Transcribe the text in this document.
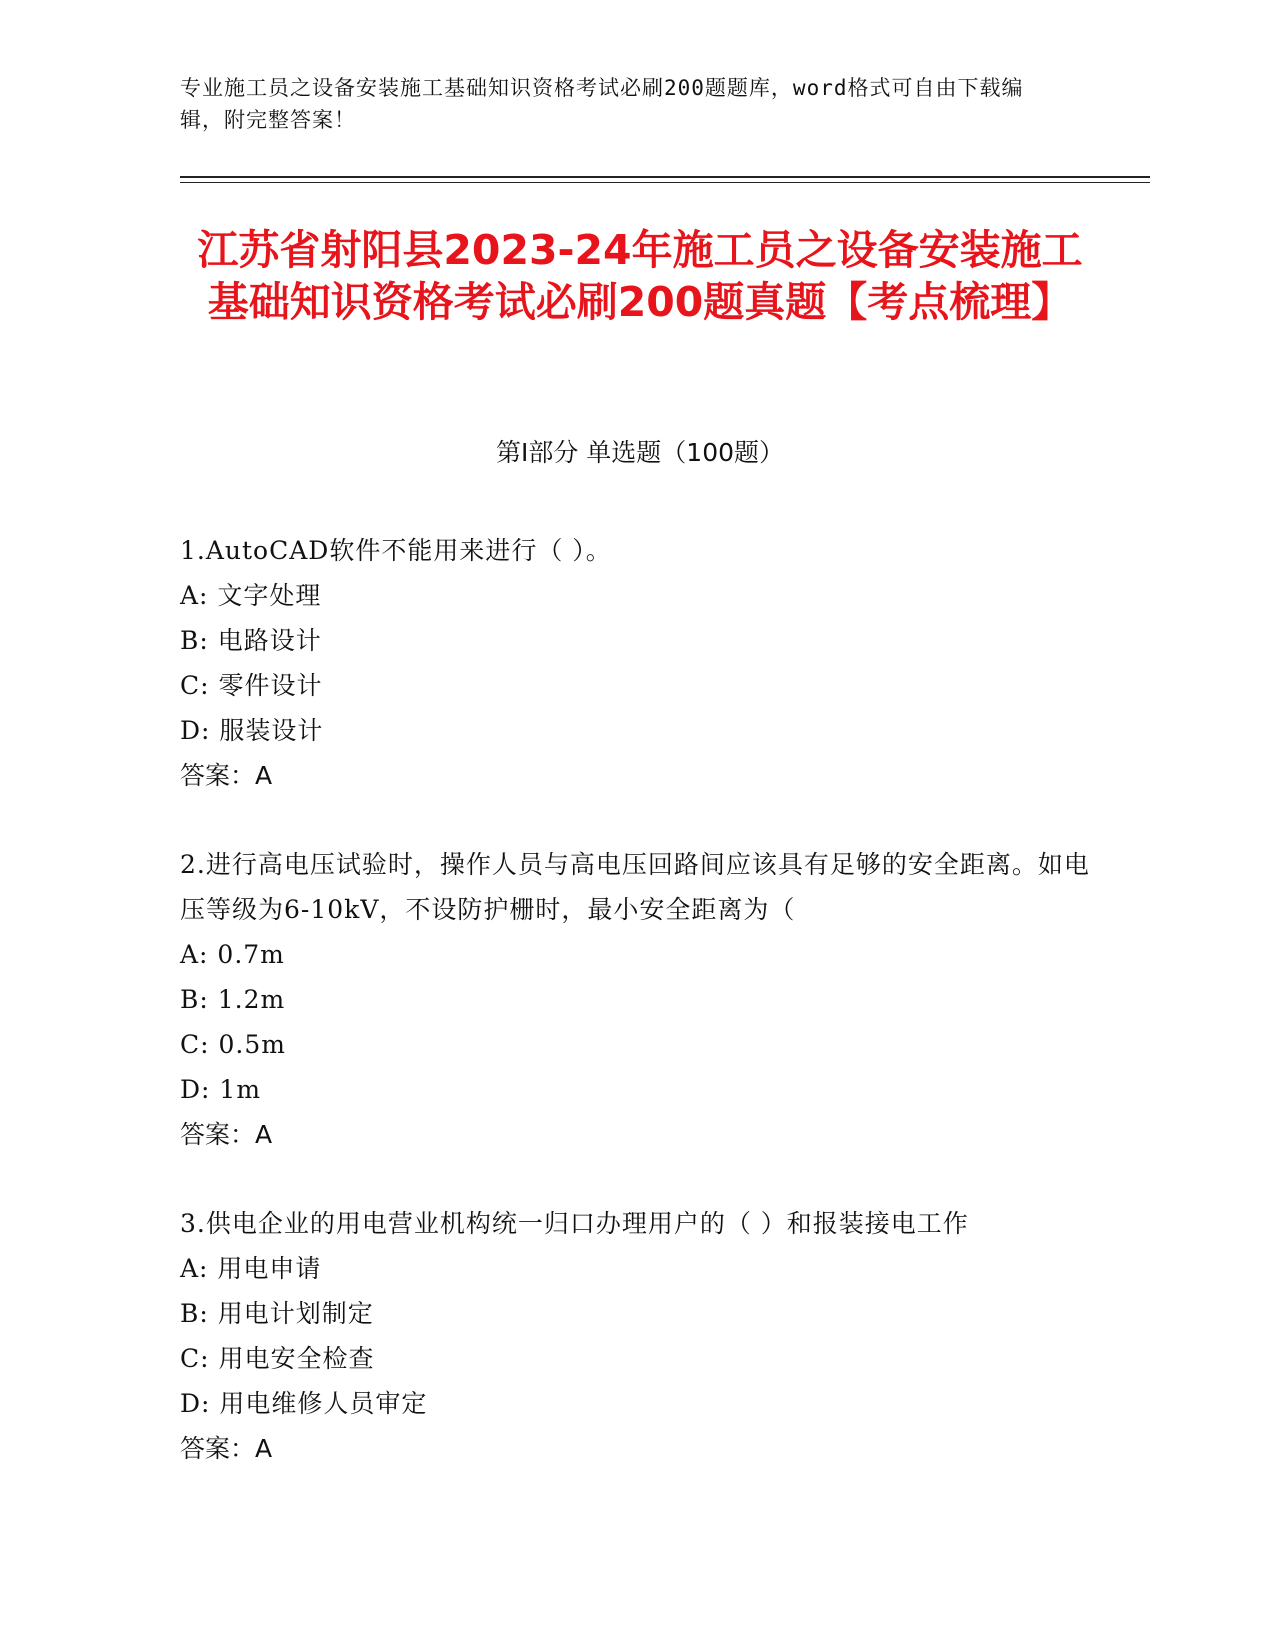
专业施工员之设备安装施工基础知识资格考试必刷200题题库，word格式可自由下载编辑，附完整答案！
江苏省射阳县2023-24年施工员之设备安装施工基础知识资格考试必刷200题真题【考点梳理】
第Ⅰ部分 单选题（100题）

1.AutoCAD软件不能用来进行（ ）。

A: 文字处理

B: 电路设计

C: 零件设计

D: 服装设计

答案：A

2.进行高电压试验时，操作人员与高电压回路间应该具有足够的安全距离。如电压等级为6-10kV，不设防护栅时，最小安全距离为（

A: 0.7m

B: 1.2m

C: 0.5m

D: 1m

答案：A

3.供电企业的用电营业机构统一归口办理用户的（ ）和报装接电工作

A: 用电申请

B: 用电计划制定

C: 用电安全检查

D: 用电维修人员审定

答案：A
